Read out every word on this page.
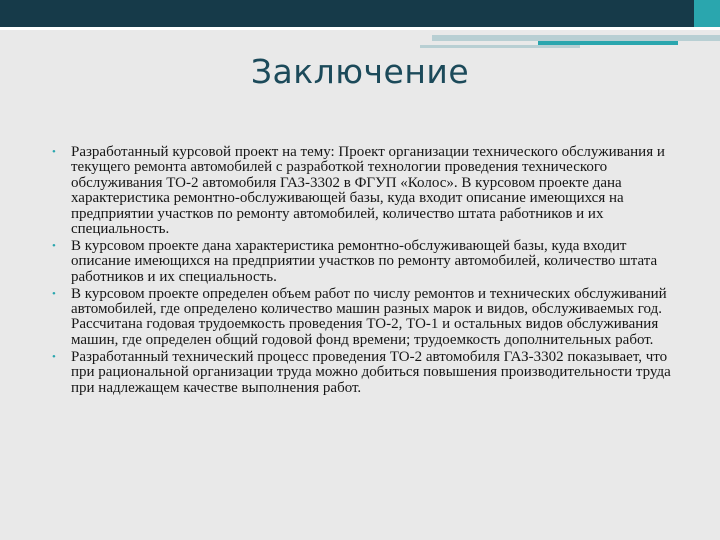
Заключение
• Разработанный курсовой проект на тему: Проект организации технического обслуживания и текущего ремонта автомобилей с разработкой технологии проведения технического обслуживания ТО-2 автомобиля ГАЗ-3302 в ФГУП «Колос». В курсовом проекте дана характеристика ремонтно-обслуживающей базы, куда входит описание имеющихся на предприятии участков по ремонту автомобилей, количество штата работников и их специальность.
• В курсовом проекте дана характеристика ремонтно-обслуживающей базы, куда входит описание имеющихся на предприятии участков по ремонту автомобилей, количество штата работников и их специальность.
• В курсовом проекте определен объем работ по числу ремонтов и технических обслуживаний автомобилей, где определено количество машин разных марок и видов, обслуживаемых год. Рассчитана годовая трудоемкость проведения ТО-2, ТО-1 и остальных видов обслуживания машин, где определен общий годовой фонд времени; трудоемкость дополнительных работ.
• Разработанный технический процесс проведения ТО-2 автомобиля ГАЗ-3302 показывает, что при рациональной организации труда можно добиться повышения производительности труда при надлежащем качестве выполнения работ.
